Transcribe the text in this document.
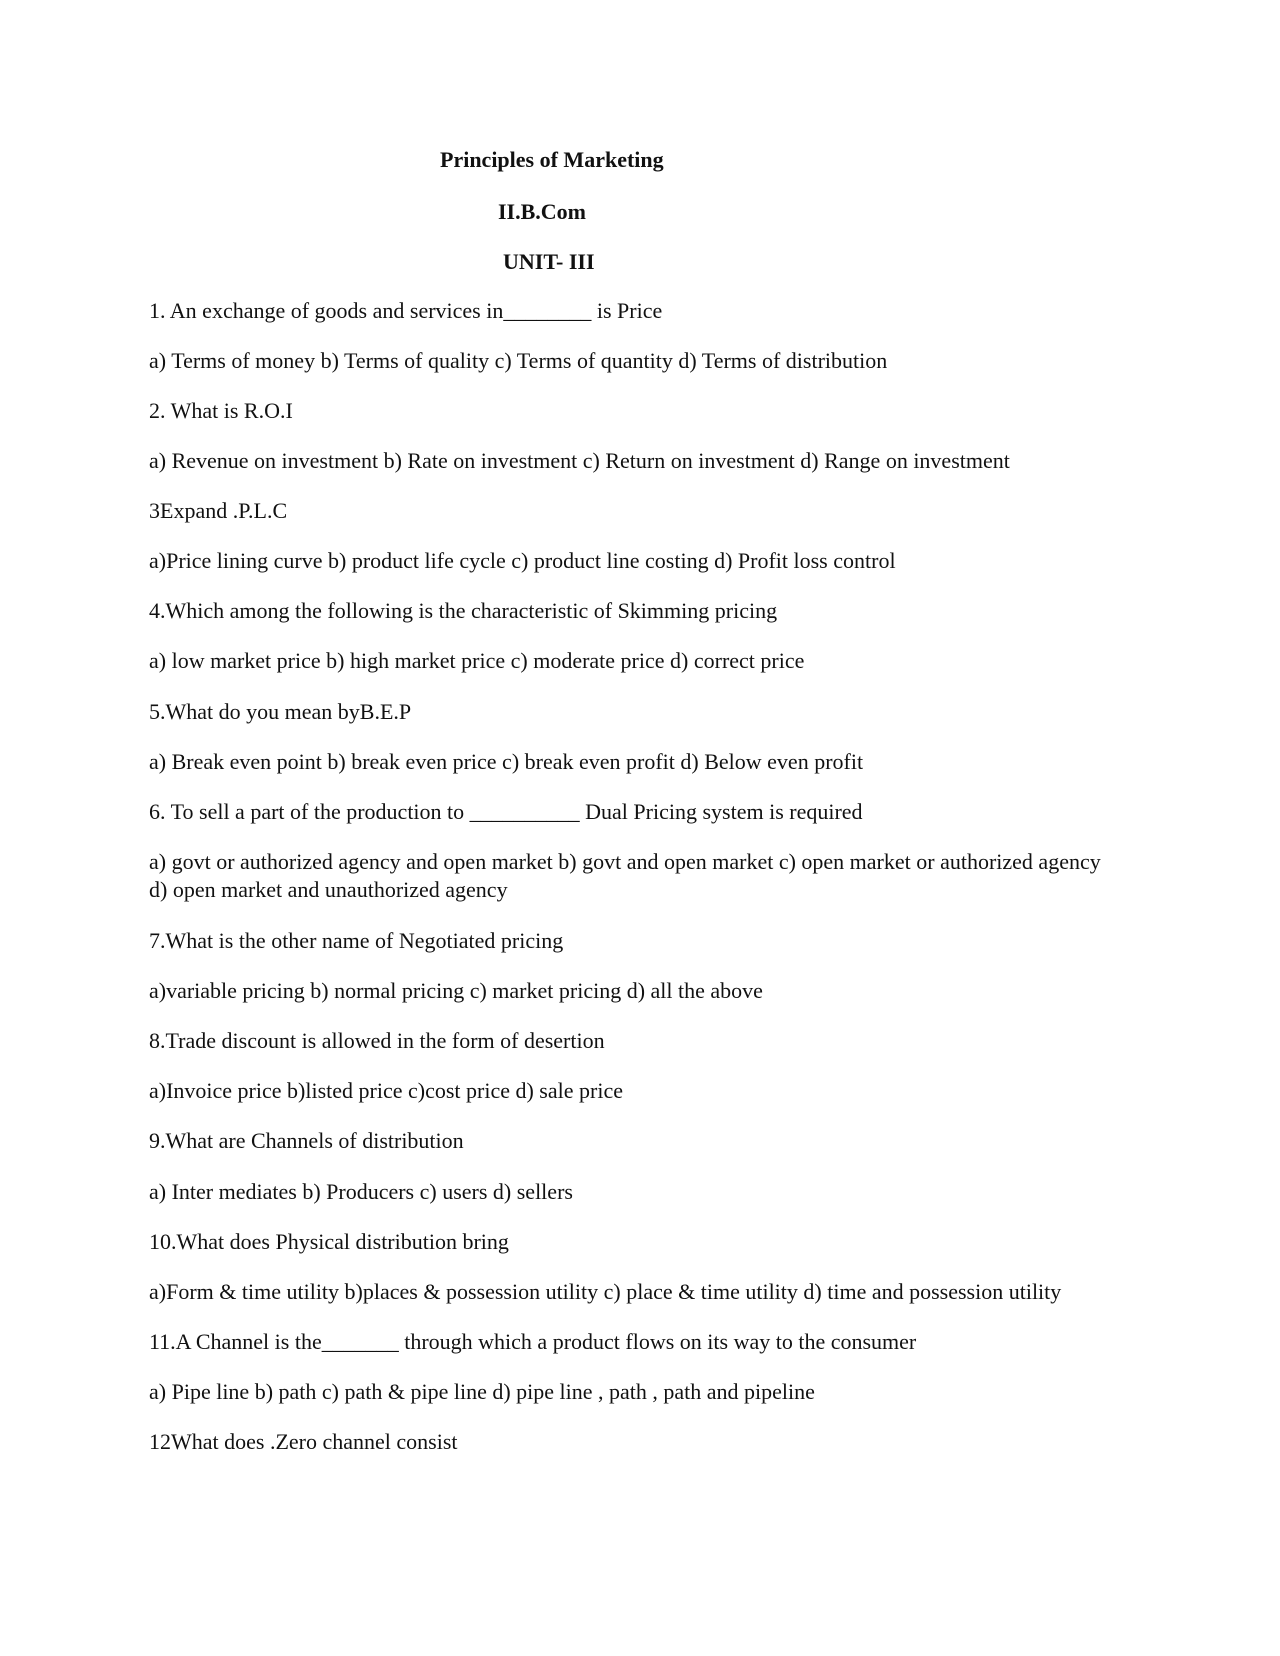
Principles of Marketing
II.B.Com
UNIT- III
1. An exchange of goods and services in________ is Price
a) Terms of money b) Terms of quality c) Terms of quantity d) Terms of distribution
2. What is R.O.I
a) Revenue on investment b) Rate on investment c) Return on investment d) Range on investment
3Expand .P.L.C
a)Price lining curve b) product life cycle c) product line costing d) Profit loss control
4.Which among the following is the characteristic of Skimming pricing
a) low market price b) high market price c) moderate price d) correct price
5.What do you mean byB.E.P
a) Break even point b) break even price c) break even profit d) Below even profit
6. To sell a part of the production to __________ Dual Pricing system is required
a) govt or authorized agency and open market b) govt and open market c) open market or authorized agency d) open market and unauthorized agency
7.What is the other name of Negotiated pricing
a)variable pricing b) normal pricing c) market pricing d) all the above
8.Trade discount is allowed in the form of desertion
a)Invoice price b)listed price c)cost price d) sale price
9.What are Channels of distribution
a) Inter mediates b) Producers c) users d) sellers
10.What does Physical distribution bring
a)Form & time utility b)places & possession utility c) place & time utility d) time and possession utility
11.A Channel is the_______ through which a product flows on its way to the consumer
a) Pipe line b) path c) path & pipe line d) pipe line , path , path and pipeline
12What does .Zero channel consist
